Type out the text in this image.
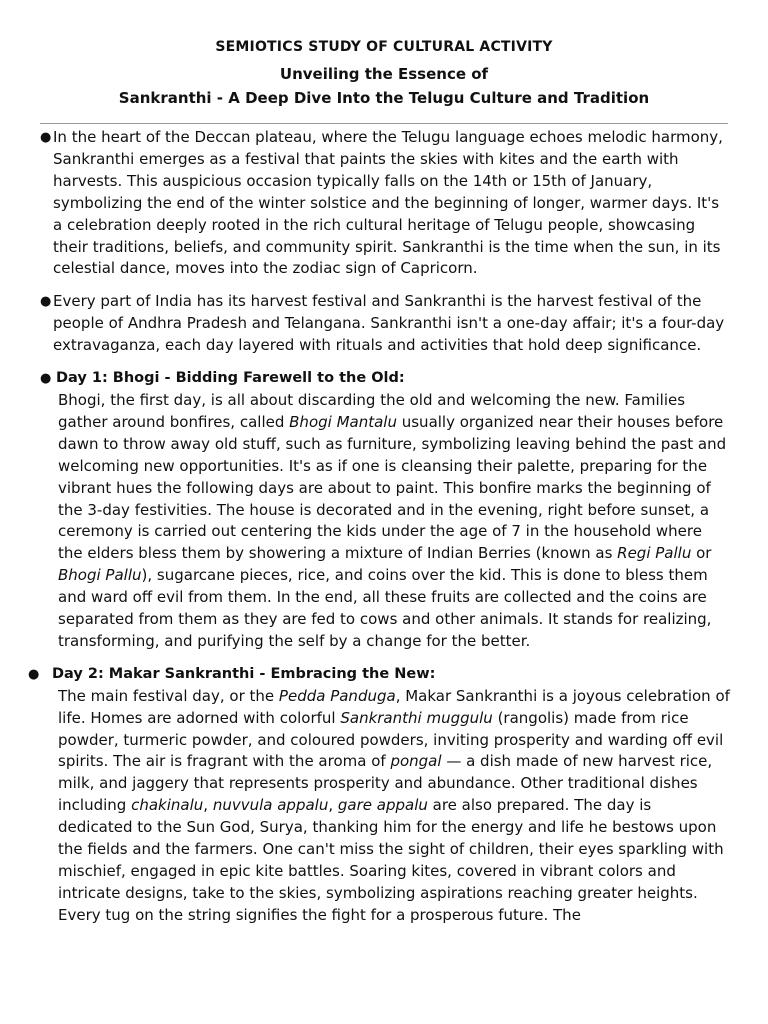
SEMIOTICS STUDY OF CULTURAL ACTIVITY
Unveiling the Essence of
Sankranthi - A Deep Dive Into the Telugu Culture and Tradition
● In the heart of the Deccan plateau, where the Telugu language echoes melodic harmony, Sankranthi emerges as a festival that paints the skies with kites and the earth with harvests. This auspicious occasion typically falls on the 14th or 15th of January, symbolizing the end of the winter solstice and the beginning of longer, warmer days. It's a celebration deeply rooted in the rich cultural heritage of Telugu people, showcasing their traditions, beliefs, and community spirit. Sankranthi is the time when the sun, in its celestial dance, moves into the zodiac sign of Capricorn.
● Every part of India has its harvest festival and Sankranthi is the harvest festival of the people of Andhra Pradesh and Telangana. Sankranthi isn't a one-day affair; it's a four-day extravaganza, each day layered with rituals and activities that hold deep significance.
● Day 1: Bhogi - Bidding Farewell to the Old:
Bhogi, the first day, is all about discarding the old and welcoming the new. Families gather around bonfires, called Bhogi Mantalu usually organized near their houses before dawn to throw away old stuff, such as furniture, symbolizing leaving behind the past and welcoming new opportunities. It's as if one is cleansing their palette, preparing for the vibrant hues the following days are about to paint. This bonfire marks the beginning of the 3-day festivities. The house is decorated and in the evening, right before sunset, a ceremony is carried out centering the kids under the age of 7 in the household where the elders bless them by showering a mixture of Indian Berries (known as Regi Pallu or Bhogi Pallu), sugarcane pieces, rice, and coins over the kid. This is done to bless them and ward off evil from them. In the end, all these fruits are collected and the coins are separated from them as they are fed to cows and other animals. It stands for realizing, transforming, and purifying the self by a change for the better.
● Day 2: Makar Sankranthi - Embracing the New:
The main festival day, or the Pedda Panduga, Makar Sankranthi is a joyous celebration of life. Homes are adorned with colorful Sankranthi muggulu (rangolis) made from rice powder, turmeric powder, and coloured powders, inviting prosperity and warding off evil spirits. The air is fragrant with the aroma of pongal — a dish made of new harvest rice, milk, and jaggery that represents prosperity and abundance. Other traditional dishes including chakinalu, nuvvula appalu, gare appalu are also prepared. The day is dedicated to the Sun God, Surya, thanking him for the energy and life he bestows upon the fields and the farmers. One can't miss the sight of children, their eyes sparkling with mischief, engaged in epic kite battles. Soaring kites, covered in vibrant colors and intricate designs, take to the skies, symbolizing aspirations reaching greater heights. Every tug on the string signifies the fight for a prosperous future. The
